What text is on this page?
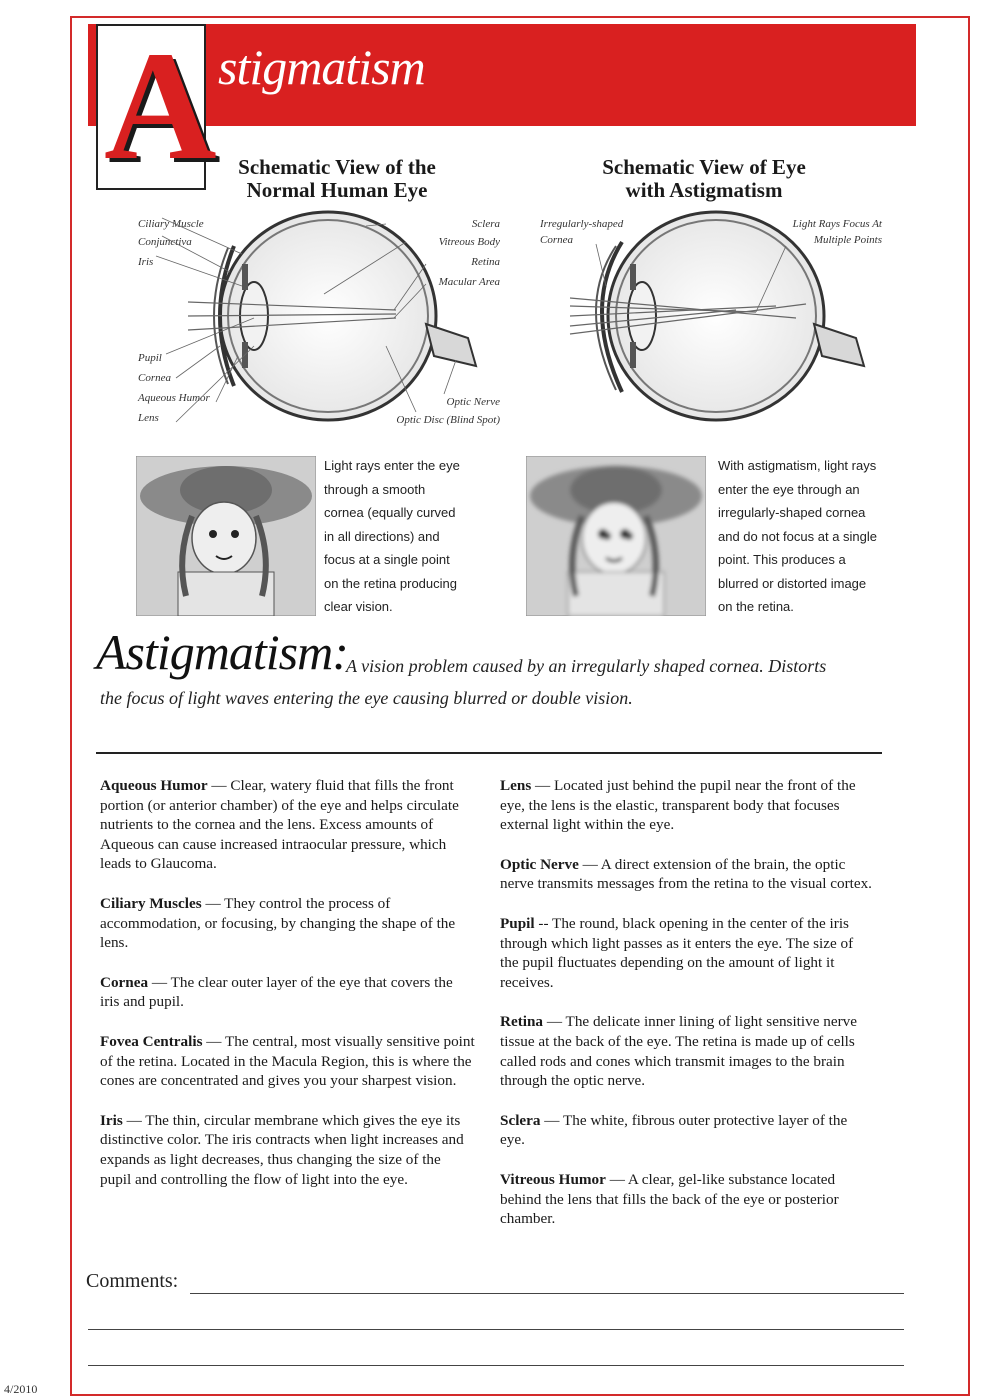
A stigmatism
Schematic View of the
Normal Human Eye
Ciliary Muscle
Conjunctiva
Iris
Pupil
Cornea
Aqueous Humor
Lens
Sclera
Vitreous Body
Retina
Macular Area
Optic Nerve
Optic Disc (Blind Spot)
Schematic View of Eye
with Astigmatism
Irregularly-shaped
Cornea
Light Rays Focus At
Multiple Points
Light rays enter the eye
through a smooth
cornea (equally curved
in all directions) and
focus at a single point
on the retina producing
clear vision.
With astigmatism, light rays
enter the eye through an
irregularly-shaped cornea
and do not focus at a single
point. This produces a
blurred or distorted image
on the retina.
Astigmatism:
A vision problem caused by an irregularly shaped cornea. Distorts
the focus of light waves entering the eye causing blurred or double vision.

Aqueous Humor — Clear, watery fluid that fills the front portion (or anterior chamber) of the eye and helps circulate nutrients to the cornea and the lens. Excess amounts of Aqueous can cause increased intraocular pressure, which leads to Glaucoma.

Ciliary Muscles — They control the process of accommodation, or focusing, by changing the shape of the lens.

Cornea — The clear outer layer of the eye that covers the iris and pupil.

Fovea Centralis — The central, most visually sensitive point of the retina. Located in the Macula Region, this is where the cones are concentrated and gives you your sharpest vision.

Iris — The thin, circular membrane which gives the eye its distinctive color. The iris contracts when light increases and expands as light decreases, thus changing the size of the pupil and controlling the flow of light into the eye.

Lens — Located just behind the pupil near the front of the eye, the lens is the elastic, transparent body that focuses external light within the eye.

Optic Nerve — A direct extension of the brain, the optic nerve transmits messages from the retina to the visual cortex.

Pupil -- The round, black opening in the center of the iris through which light passes as it enters the eye. The size of the pupil fluctuates depending on the amount of light it receives.

Retina — The delicate inner lining of light sensitive nerve tissue at the back of the eye. The retina is made up of cells called rods and cones which transmit images to the brain through the optic nerve.

Sclera — The white, fibrous outer protective layer of the eye.

Vitreous Humor — A clear, gel-like substance located behind the lens that fills the back of the eye or posterior chamber.

Comments:
4/2010
